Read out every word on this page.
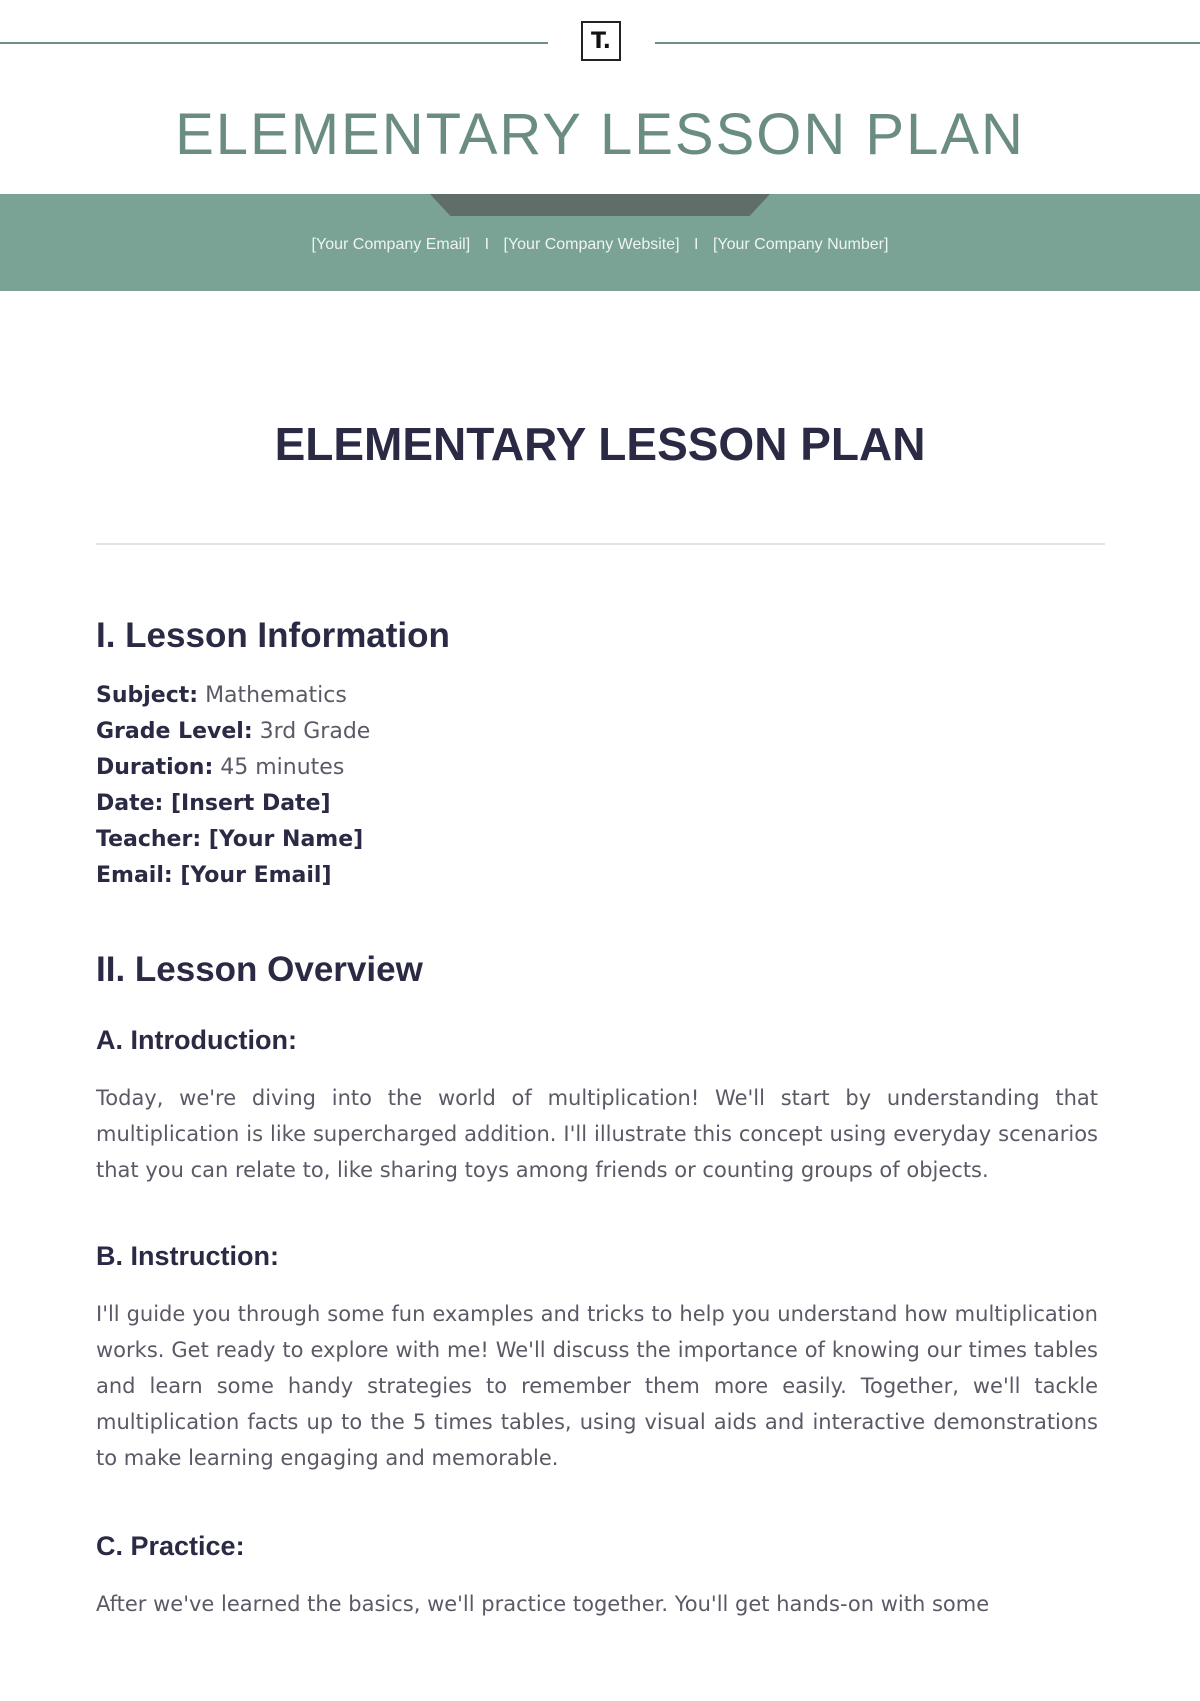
T.
ELEMENTARY LESSON PLAN
[Your Company Email] I [Your Company Website] I [Your Company Number]
ELEMENTARY LESSON PLAN
I. Lesson Information

Subject: Mathematics

Grade Level: 3rd Grade

Duration: 45 minutes

Date: [Insert Date]

Teacher: [Your Name]

Email: [Your Email]

II. Lesson Overview
A. Introduction:

Today, we're diving into the world of multiplication! We'll start by understanding that multiplication is like supercharged addition. I'll illustrate this concept using everyday scenarios that you can relate to, like sharing toys among friends or counting groups of objects.

B. Instruction:

I'll guide you through some fun examples and tricks to help you understand how multiplication works. Get ready to explore with me! We'll discuss the importance of knowing our times tables and learn some handy strategies to remember them more easily. Together, we'll tackle multiplication facts up to the 5 times tables, using visual aids and interactive demonstrations to make learning engaging and memorable.

C. Practice:

After we've learned the basics, we'll practice together. You'll get hands-on with some
